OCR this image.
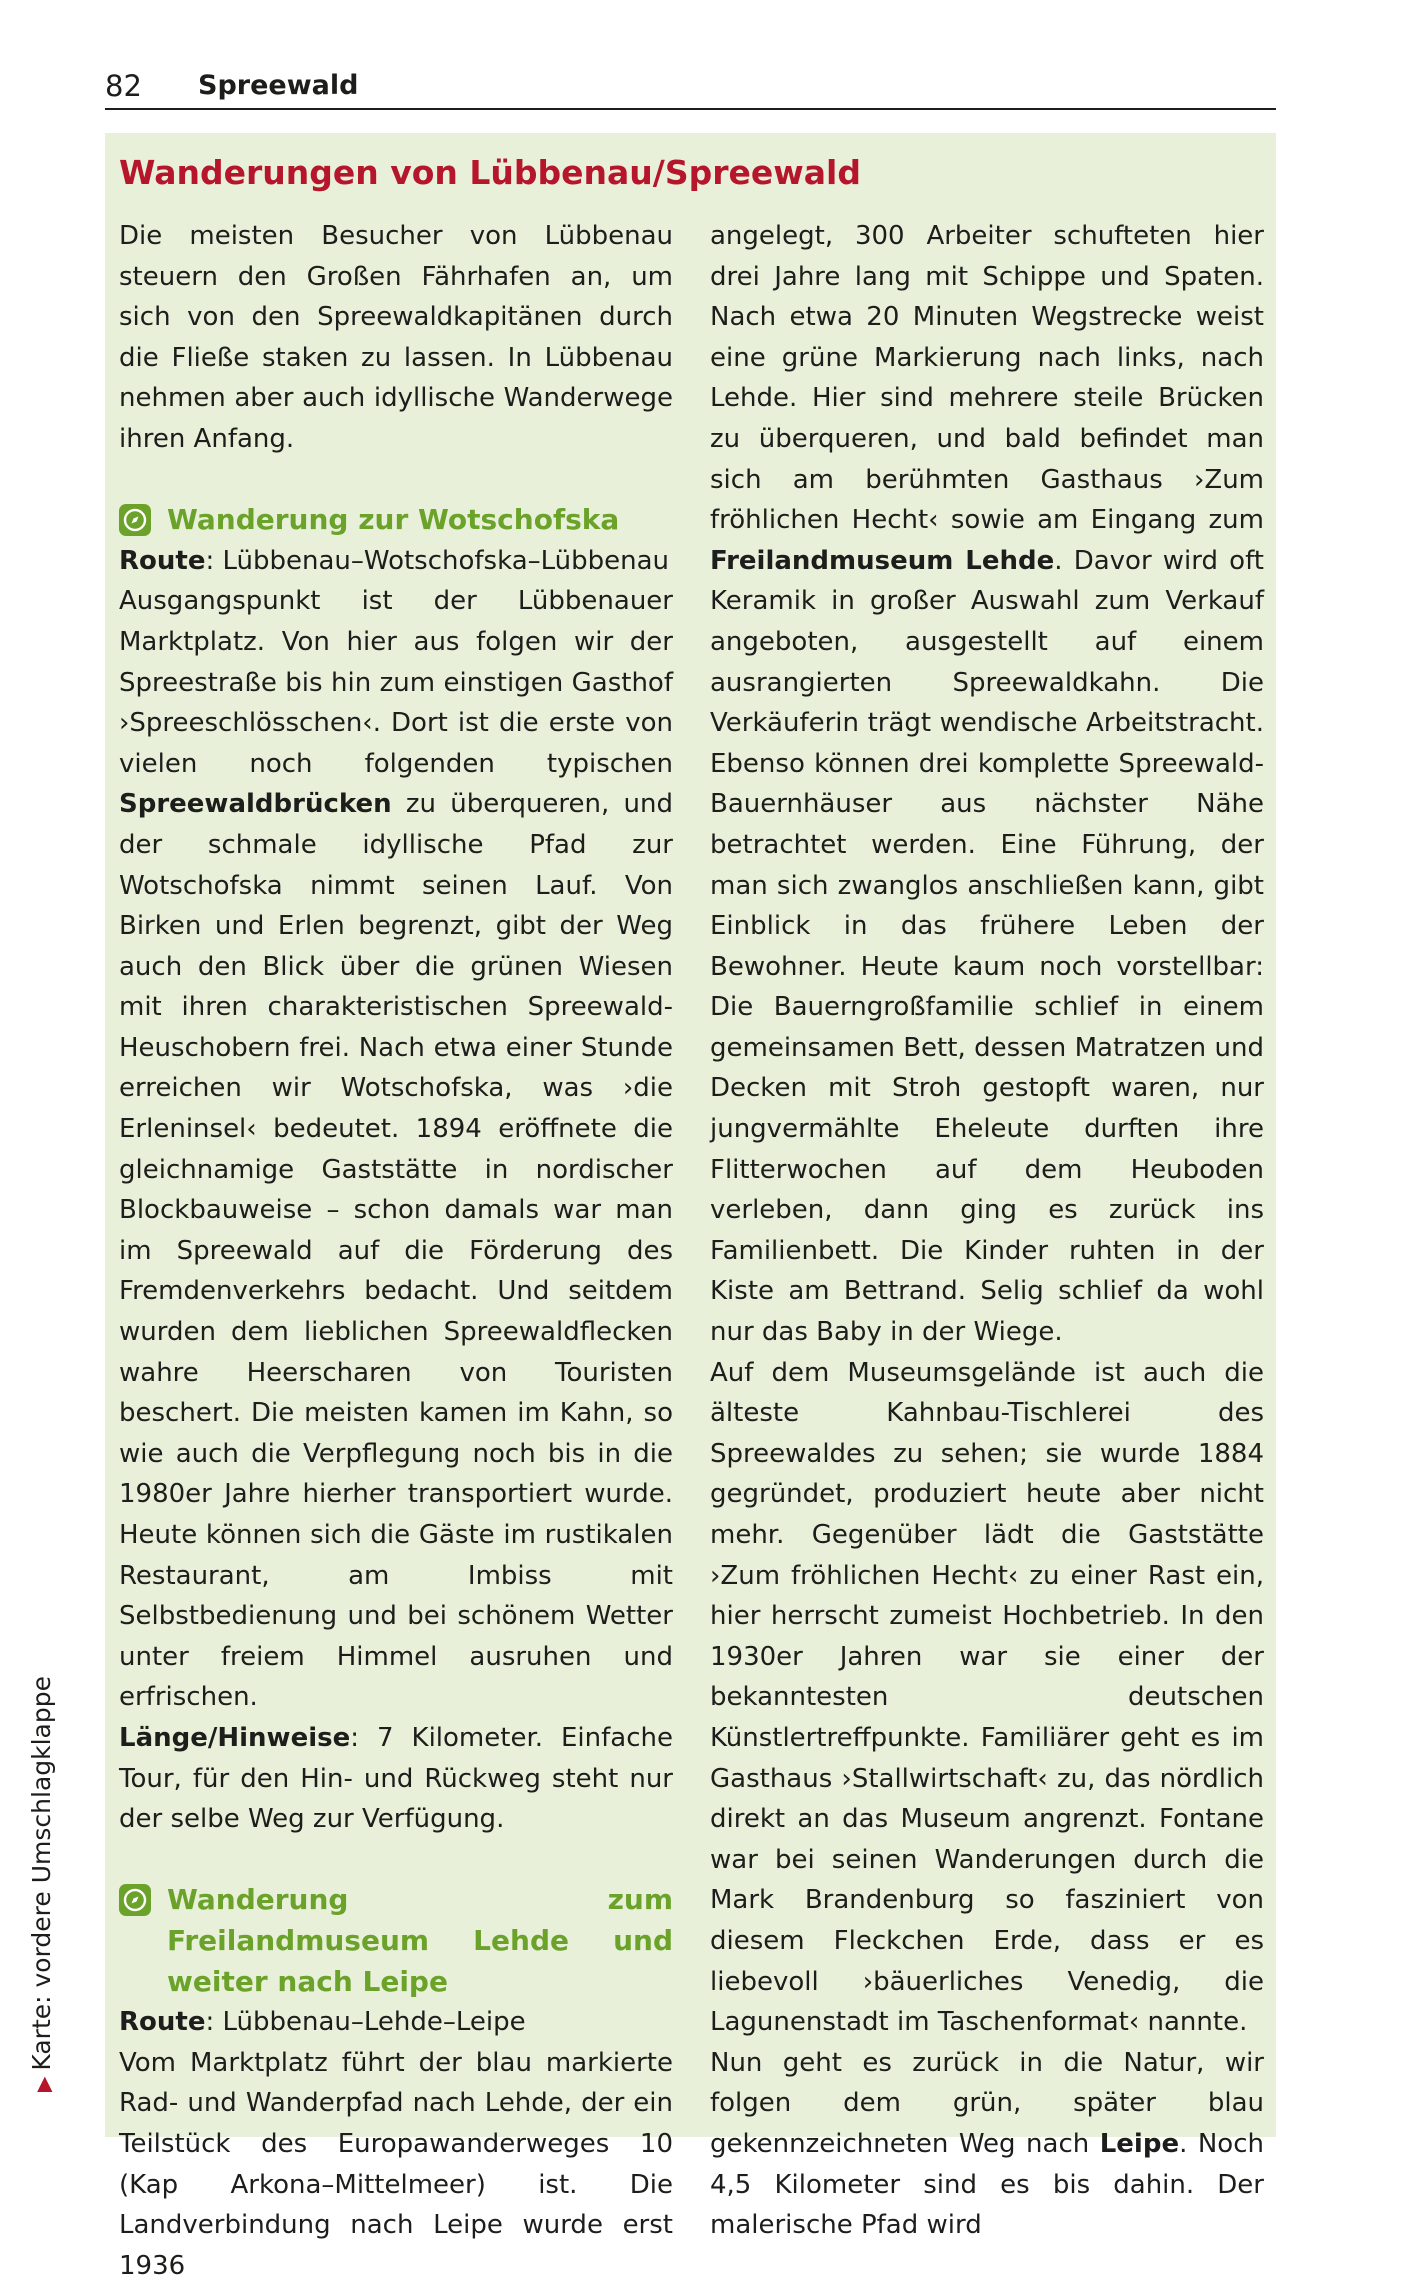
82 Spreewald
▶Karte: vordere Umschlagklappe
Wanderungen von Lübbenau/Spreewald

Die meisten Besucher von Lübbenau steuern den Großen Fährhafen an, um sich von den Spreewaldkapitänen durch die Fließe staken zu lassen. In Lübbenau nehmen aber auch idyllische Wanderwege ihren Anfang.

Wanderung zur Wotschofska

Route: Lübbenau–Wotschofska–Lübbenau

Ausgangspunkt ist der Lübbenauer Marktplatz. Von hier aus folgen wir der Spreestraße bis hin zum einstigen Gasthof ›Spreeschlösschen‹. Dort ist die erste von vielen noch folgenden typischen Spreewaldbrücken zu überqueren, und der schmale idyllische Pfad zur Wotschofska nimmt seinen Lauf. Von Birken und Erlen begrenzt, gibt der Weg auch den Blick über die grünen Wiesen mit ihren charakteristischen Spreewald-Heuschobern frei. Nach etwa einer Stunde erreichen wir Wotschofska, was ›die Erleninsel‹ bedeutet. 1894 eröffnete die gleichnamige Gaststätte in nordischer Blockbauweise – schon damals war man im Spreewald auf die Förderung des Fremdenverkehrs bedacht. Und seitdem wurden dem lieblichen Spreewaldflecken wahre Heerscharen von Touristen beschert. Die meisten kamen im Kahn, so wie auch die Verpflegung noch bis in die 1980er Jahre hierher transportiert wurde. Heute können sich die Gäste im rustikalen Restaurant, am Imbiss mit Selbstbedienung und bei schönem Wetter unter freiem Himmel ausruhen und erfrischen.

Länge/Hinweise: 7 Kilometer. Einfache Tour, für den Hin- und Rückweg steht nur der selbe Weg zur Verfügung.

Wanderung zum Freilandmuseum Lehde und weiter nach Leipe

Route: Lübbenau–Lehde–Leipe

Vom Marktplatz führt der blau markierte Rad- und Wanderpfad nach Lehde, der ein Teilstück des Europawanderweges 10 (Kap Arkona–Mittelmeer) ist. Die Landverbindung nach Leipe wurde erst 1936

angelegt, 300 Arbeiter schufteten hier drei Jahre lang mit Schippe und Spaten. Nach etwa 20 Minuten Wegstrecke weist eine grüne Markierung nach links, nach Lehde. Hier sind mehrere steile Brücken zu überqueren, und bald befindet man sich am berühmten Gasthaus ›Zum fröhlichen Hecht‹ sowie am Eingang zum Freilandmuseum Lehde. Davor wird oft Keramik in großer Auswahl zum Verkauf angeboten, ausgestellt auf einem ausrangierten Spreewaldkahn. Die Verkäuferin trägt wendische Arbeitstracht. Ebenso können drei komplette Spreewald-Bauernhäuser aus nächster Nähe betrachtet werden. Eine Führung, der man sich zwanglos anschließen kann, gibt Einblick in das frühere Leben der Bewohner. Heute kaum noch vorstellbar: Die Bauerngroßfamilie schlief in einem gemeinsamen Bett, dessen Matratzen und Decken mit Stroh gestopft waren, nur jungvermählte Eheleute durften ihre Flitterwochen auf dem Heuboden verleben, dann ging es zurück ins Familienbett. Die Kinder ruhten in der Kiste am Bettrand. Selig schlief da wohl nur das Baby in der Wiege.

Auf dem Museumsgelände ist auch die älteste Kahnbau-Tischlerei des Spreewaldes zu sehen; sie wurde 1884 gegründet, produziert heute aber nicht mehr. Gegenüber lädt die Gaststätte ›Zum fröhlichen Hecht‹ zu einer Rast ein, hier herrscht zumeist Hochbetrieb. In den 1930er Jahren war sie einer der bekanntesten deutschen Künstlertreffpunkte. Familiärer geht es im Gasthaus ›Stallwirtschaft‹ zu, das nördlich direkt an das Museum angrenzt. Fontane war bei seinen Wanderungen durch die Mark Brandenburg so fasziniert von diesem Fleckchen Erde, dass er es liebevoll ›bäuerliches Venedig, die Lagunenstadt im Taschenformat‹ nannte.

Nun geht es zurück in die Natur, wir folgen dem grün, später blau gekennzeichneten Weg nach Leipe. Noch 4,5 Kilometer sind es bis dahin. Der malerische Pfad wird
